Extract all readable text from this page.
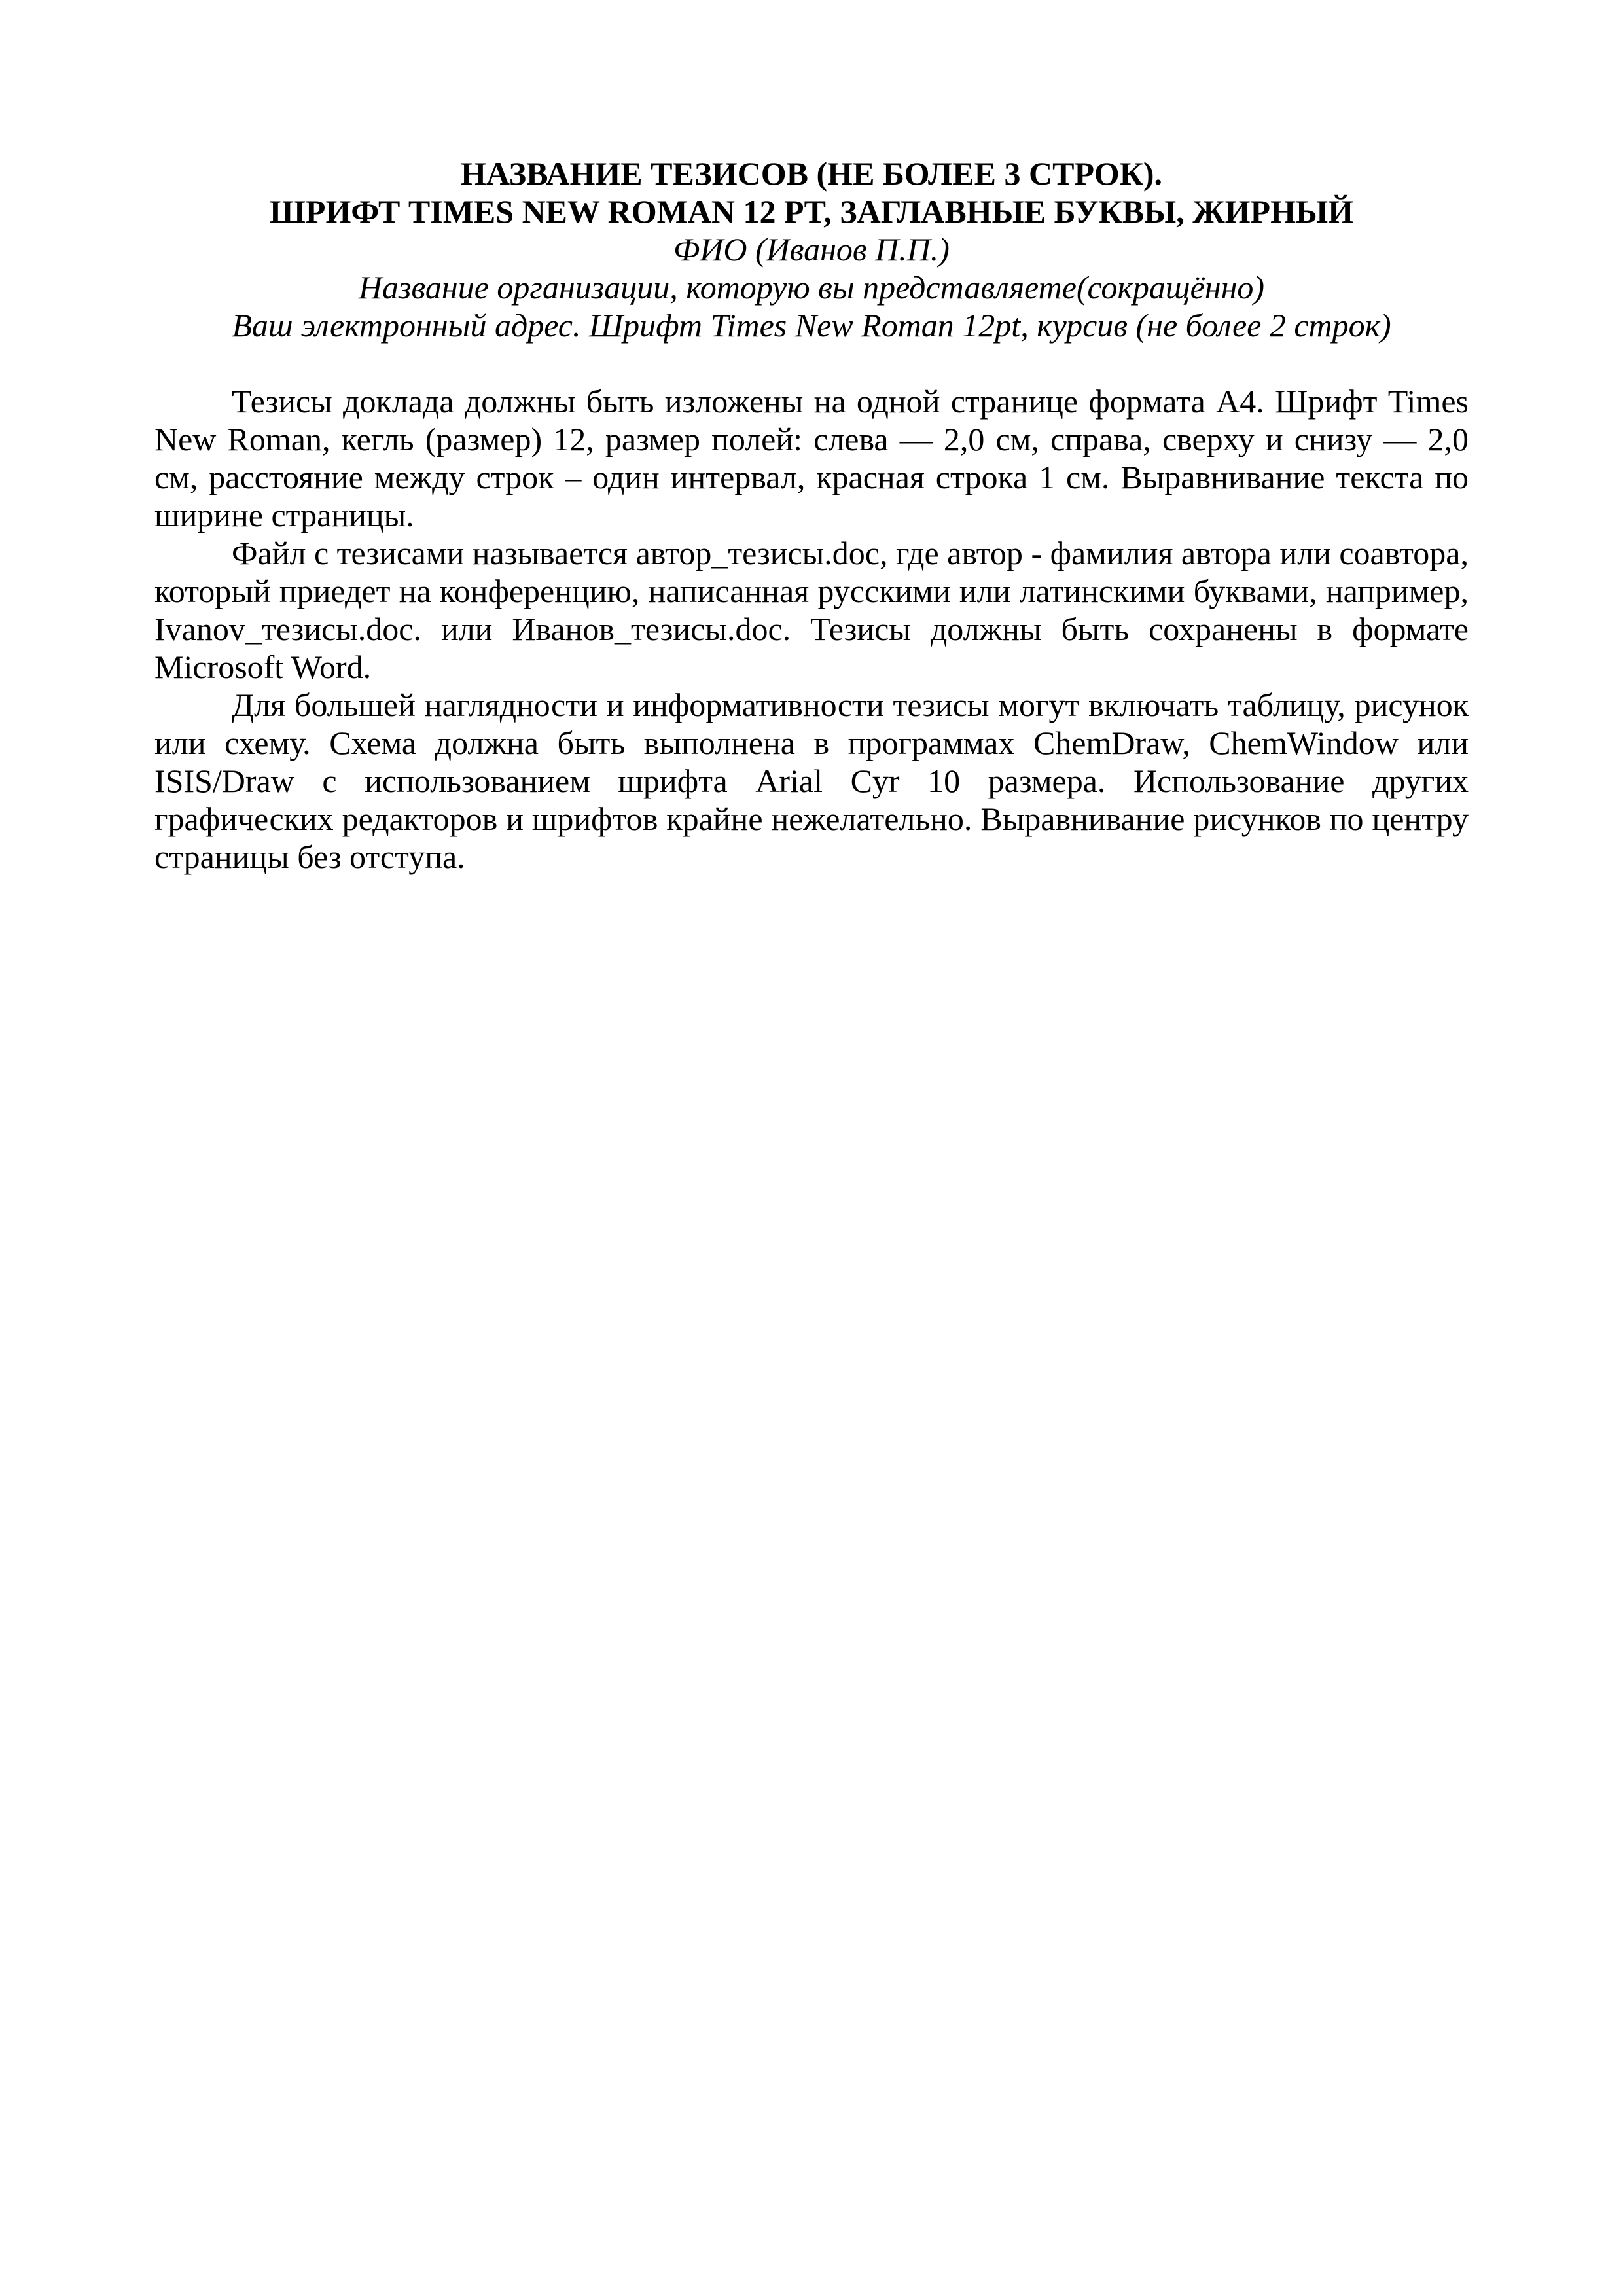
НАЗВАНИЕ ТЕЗИСОВ (НЕ БОЛЕЕ 3 СТРОК).
ШРИФТ TIMES NEW ROMAN 12 PT, ЗАГЛАВНЫЕ БУКВЫ, ЖИРНЫЙ
ФИО (Иванов П.П.)
Название организации, которую вы представляете(сокращённо)
Ваш электронный адрес. Шрифт Times New Roman 12pt, курсив (не более 2 строк)

Тезисы доклада должны быть изложены на одной странице формата А4. Шрифт Times New Roman, кегль (размер) 12, размер полей: слева — 2,0 см, справа, сверху и снизу — 2,0 см, расстояние между строк – один интервал, красная строка 1 см. Выравнивание текста по ширине страницы.

Файл с тезисами называется автор_тезисы.doc, где автор - фамилия автора или соавтора, который приедет на конференцию, написанная русскими или латинскими буквами, например, Ivanov_тезисы.doc. или Иванов_тезисы.doc. Тезисы должны быть сохранены в формате Microsoft Word.

Для большей наглядности и информативности тезисы могут включать таблицу, рисунок или схему. Схема должна быть выполнена в программах ChemDraw, ChemWindow или ISIS/Draw с использованием шрифта Arial Cyr 10 размера. Использование других графических редакторов и шрифтов крайне нежелательно. Выравнивание рисунков по центру страницы без отступа.
